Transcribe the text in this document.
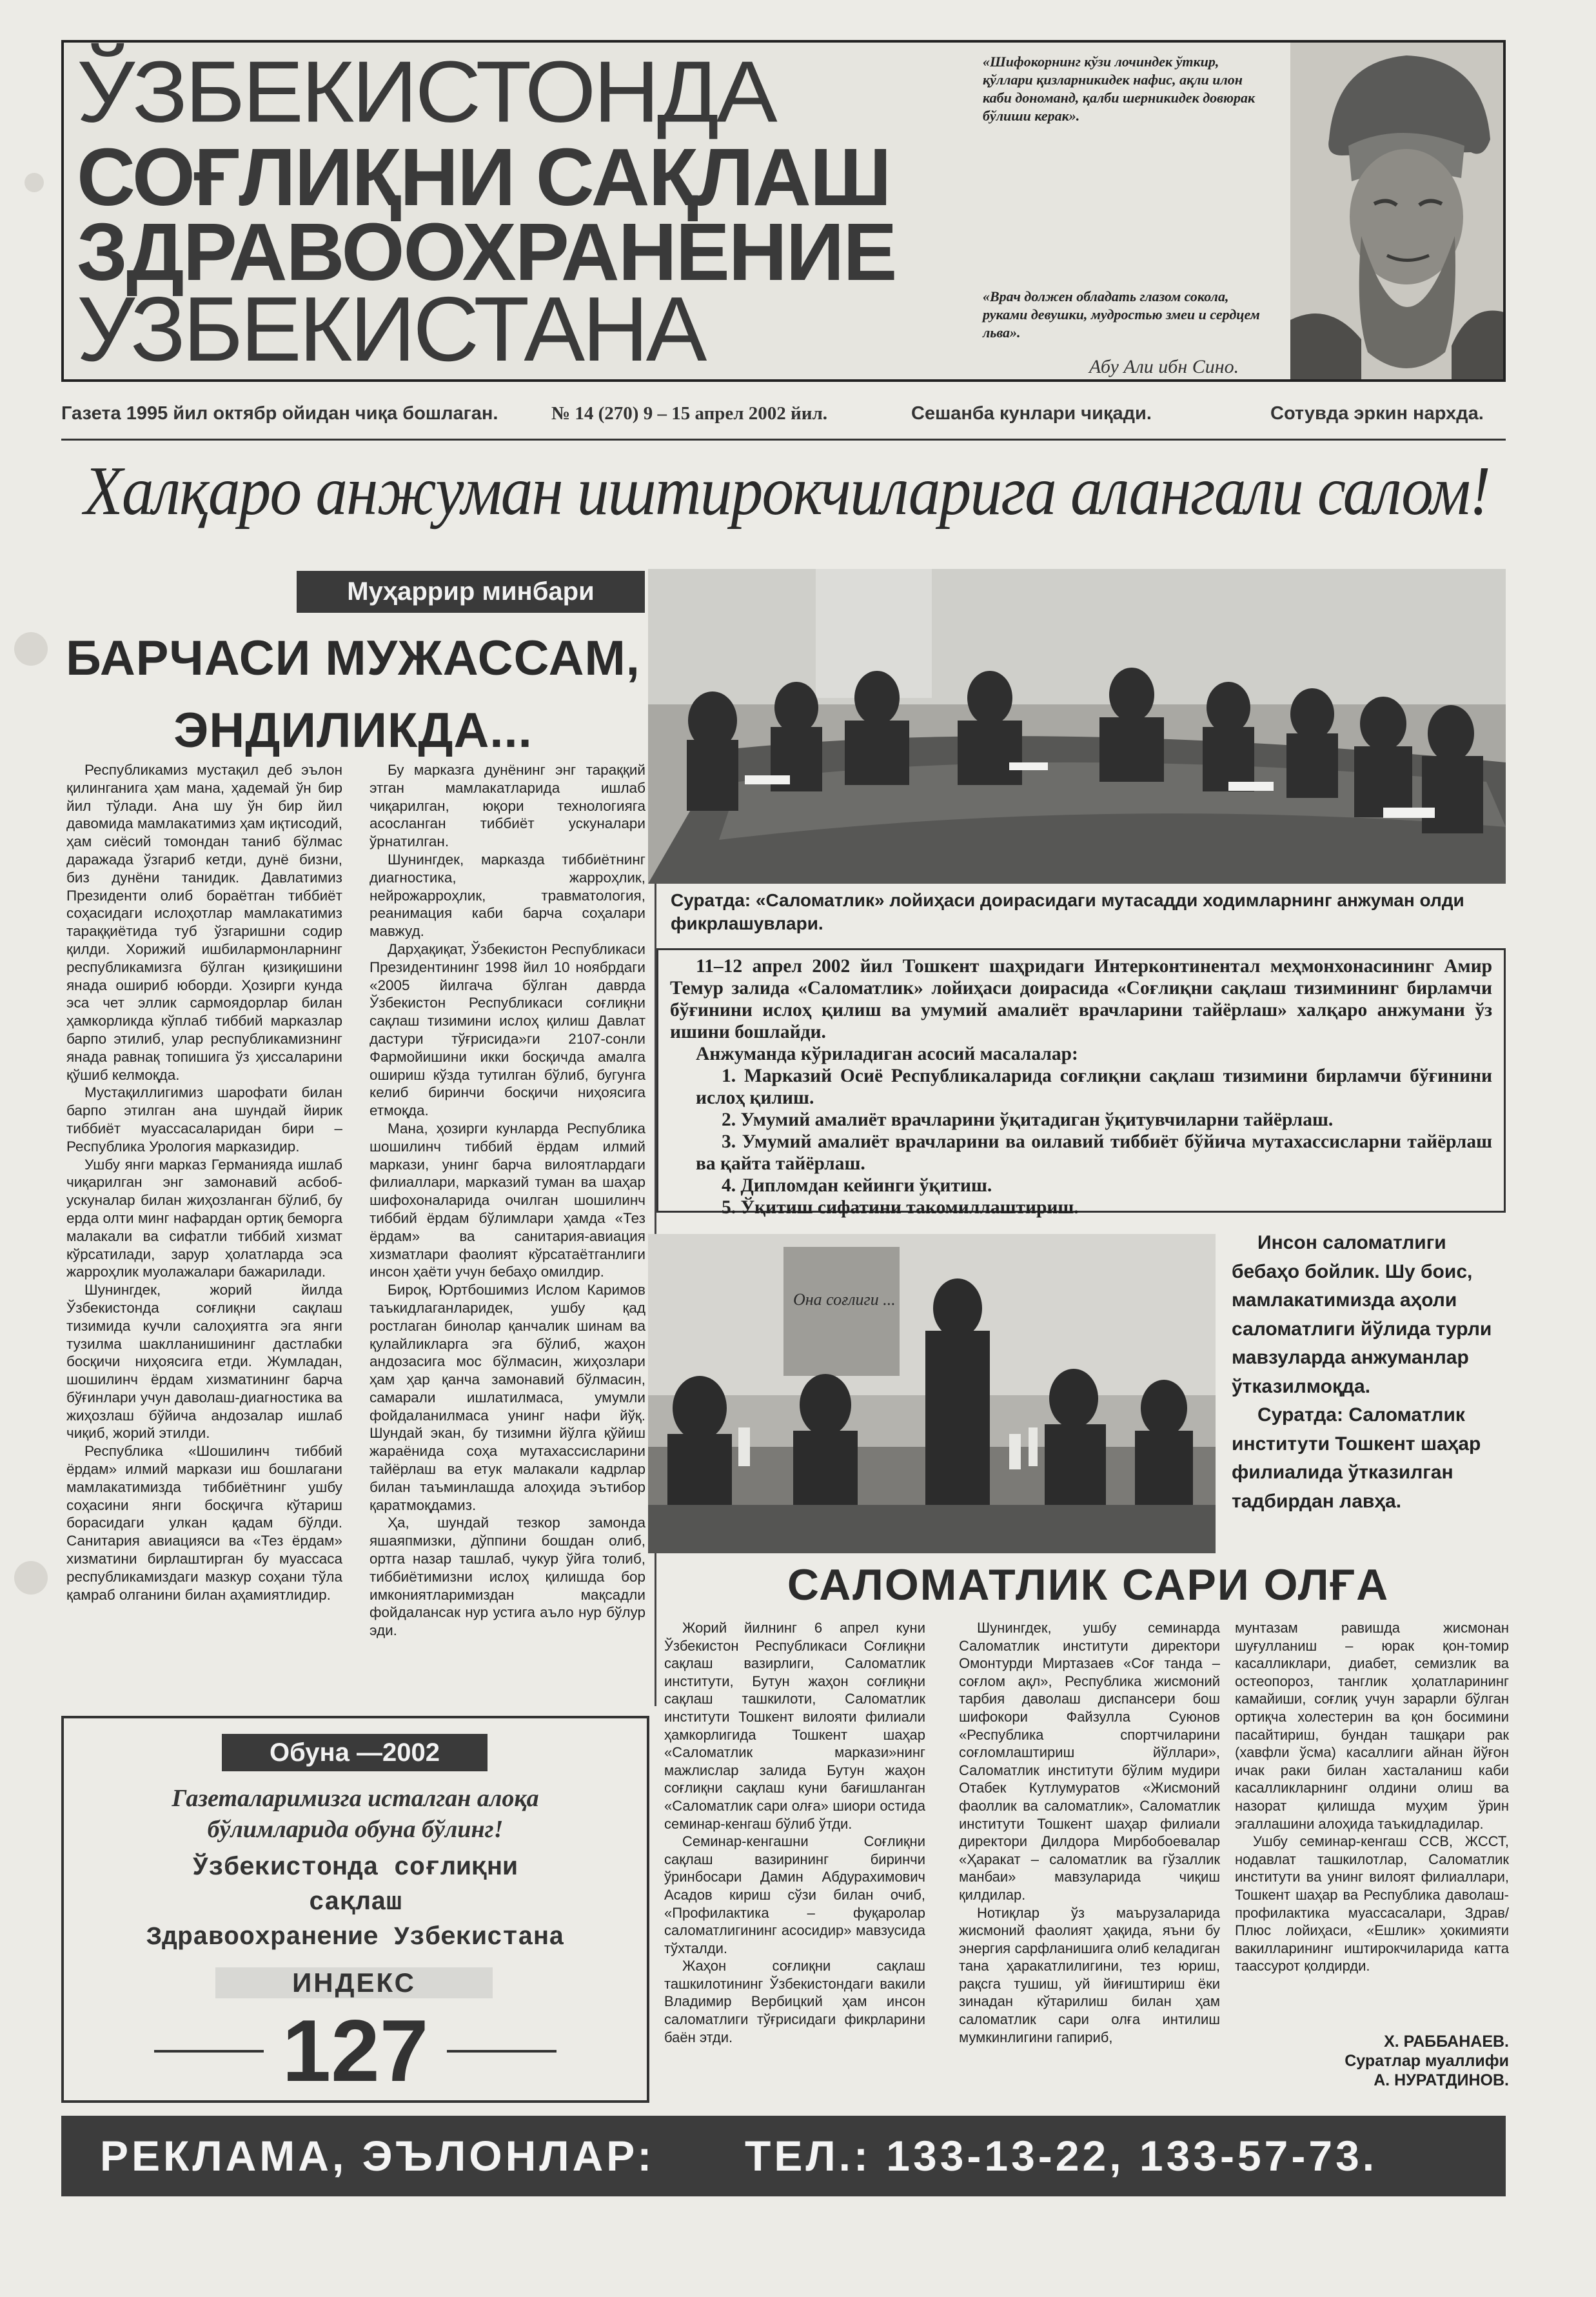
ЎЗБЕКИСТОНДА
СОҒЛИҚНИ САҚЛАШ
ЗДРАВООХРАНЕНИЕ
УЗБЕКИСТАНА
«Шифокорнинг кўзи лочиндек ўткир, қўллари қизларникидек нафис, ақли илон каби дономанд, қалби шерникидек довюрак бўлиши керак».
«Врач должен обладать глазом сокола, руками девушки, мудростью змеи и сердцем льва».
Абу Али ибн Сино.
Газета 1995 йил октябр ойидан чиқа бошлаган.	№ 14 (270) 9 – 15 апрел 2002 йил.	Сешанба кунлари чиқади.	Сотувда эркин нархда.
Халқаро анжуман иштирокчиларига алангали салом!
Муҳаррир минбари
БАРЧАСИ МУЖАССАМ, ЭНДИЛИКДА...

Республикамиз мустақил деб эълон қилинганига ҳам мана, ҳадемай ўн бир йил тўлади. Ана шу ўн бир йил давомида мамлакатимиз ҳам иқтисодий, ҳам сиёсий томондан таниб бўлмас даражада ўзгариб кетди, дунё бизни, биз дунёни танидик. Давлатимиз Президенти олиб бораётган тиббиёт соҳасидаги ислоҳотлар мамлакатимиз тараққиётида туб ўзгаришни содир қилди. Хорижий ишбилармонларнинг республикамизга бўлган қизиқишини янада ошириб юборди. Ҳозирги кунда эса чет эллик сармоядорлар билан ҳамкорликда кўплаб тиббий марказлар барпо этилиб, улар республикамизнинг янада равнақ топишига ўз ҳиссаларини қўшиб келмоқда.

Мустақиллигимиз шарофати билан барпо этилган ана шундай йирик тиббиёт муассасаларидан бири – Республика Урология марказидир.

Ушбу янги марказ Германияда ишлаб чиқарилган энг замонавий асбоб-ускуналар билан жиҳозланган бўлиб, бу ерда олти минг нафардан ортиқ беморга малакали ва сифатли тиббий хизмат кўрсатилади, зарур ҳолатларда эса жарроҳлик муолажалари бажарилади.

Шунингдек, жорий йилда Ўзбекистонда соғлиқни сақлаш тизимида кучли салоҳиятга эга янги тузилма шаклланишининг дастлабки босқичи ниҳоясига етди. Жумладан, шошилинч ёрдам хизматининг барча бўғинлари учун даволаш-диагностика ва жиҳозлаш бўйича андозалар ишлаб чиқиб, жорий этилди.

Республика «Шошилинч тиббий ёрдам» илмий маркази иш бошлагани мамлакатимизда тиббиётнинг ушбу соҳасини янги босқичга кўтариш борасидаги улкан қадам бўлди. Санитария авиацияси ва «Тез ёрдам» хизматини бирлаштирган бу муассаса республикамиздаги мазкур соҳани тўла қамраб олганини билан аҳамиятлидир.

Бу марказга дунёнинг энг тараққий этган мамлакатларида ишлаб чиқарилган, юқори технологияга асосланган тиббиёт ускуналари ўрнатилган.

Шунингдек, марказда тиббиётнинг диагностика, жарроҳлик, нейрожарроҳлик, травматология, реанимация каби барча соҳалари мавжуд.

Дарҳақиқат, Ўзбекистон Республикаси Президентининг 1998 йил 10 ноябрдаги «2005 йилгача бўлган даврда Ўзбекистон Республикаси соғлиқни сақлаш тизимини ислоҳ қилиш Давлат дастури тўғрисида»ги 2107-сонли Фармойишини икки босқичда амалга ошириш кўзда тутилган бўлиб, бугунга келиб биринчи босқичи ниҳоясига етмоқда.

Мана, ҳозирги кунларда Республика шошилинч тиббий ёрдам илмий маркази, унинг барча вилоятлардаги филиаллари, марказий туман ва шаҳар шифохоналарида очилган шошилинч тиббий ёрдам бўлимлари ҳамда «Тез ёрдам» ва санитария-авиация хизматлари фаолият кўрсатаётганлиги инсон ҳаёти учун бебаҳо омилдир.

Бироқ, Юртбошимиз Ислом Каримов таъкидлаганларидек, ушбу қад ростлаган бинолар қанчалик шинам ва қулайликларга эга бўлиб, жаҳон андозасига мос бўлмасин, жиҳозлари ҳам ҳар қанча замонавий бўлмасин, самарали ишлатилмаса, умумли фойдаланилмаса унинг нафи йўқ. Шундай экан, бу тизимни йўлга қўйиш жараёнида соҳа мутахассисларини тайёрлаш ва етук малакали кадрлар билан таъминлашда алоҳида эътибор қаратмоқдамиз.

Ҳа, шундай тезкор замонда яшаяпмизки, дўппини бошдан олиб, ортга назар ташлаб, чукур ўйга толиб, тиббиётимизни ислоҳ қилишда бор имкониятларимиздан мақсадли фойдалансак нур устига аъло нур бўлур эди.

Суратда: «Саломатлик» лойиҳаси доирасидаги мутасадди ходимларнинг анжуман олди фикрлашувлари.

11–12 апрел 2002 йил Тошкент шаҳридаги Интерконтинентал меҳмонхонасининг Амир Темур залида «Саломатлик» лойиҳаси доирасида «Соғлиқни сақлаш тизимининг бирламчи бўғинини ислоҳ қилиш ва умумий амалиёт врачларини тайёрлаш» халқаро анжумани ўз ишини бошлайди.

Анжуманда кўриладиган асосий масалалар:

1. Марказий Осиё Республикаларида соғлиқни сақлаш тизимини бирламчи бўғинини ислоҳ қилиш.

2. Умумий амалиёт врачларини ўқитадиган ўқитувчиларни тайёрлаш.

3. Умумий амалиёт врачларини ва оилавий тиббиёт бўйича мутахассисларни тайёрлаш ва қайта тайёрлаш.

4. Дипломдан кейинги ўқитиш.

5. Ўқитиш сифатини такомиллаштириш.

Она соғлиги ...

Инсон саломатлиги бебаҳо бойлик. Шу боис, мамлакатимизда аҳоли саломатлиги йўлида турли мавзуларда анжуманлар ўтказилмоқда.

Суратда: Саломатлик институти Тошкент шаҳар филиалида ўтказилган тадбирдан лавҳа.

САЛОМАТЛИК САРИ ОЛҒА

Жорий йилнинг 6 апрел куни Ўзбекистон Республикаси Соғлиқни сақлаш вазирлиги, Саломатлик институти, Бутун жаҳон соғлиқни сақлаш ташкилоти, Саломатлик институти Тошкент вилояти филиали ҳамкорлигида Тошкент шаҳар «Саломатлик маркази»нинг мажлислар залида Бутун жаҳон соғлиқни сақлаш куни бағишланган «Саломатлик сари олға» шиори остида семинар-кенгаш бўлиб ўтди.

Семинар-кенгашни Соғлиқни сақлаш вазирининг биринчи ўринбосари Дамин Абдурахимович Асадов кириш сўзи билан очиб, «Профилактика – фуқаролар саломатлигининг асосидир» мавзусида тўхталди.

Жаҳон соғлиқни сақлаш ташкилотининг Ўзбекистондаги вакили Владимир Вербицкий ҳам инсон саломатлиги тўғрисидаги фикрларини баён этди.

Шунингдек, ушбу семинарда Саломатлик институти директори Омонтурди Миртазаев «Соғ танда – соғлом ақл», Республика жисмоний тарбия даволаш диспансери бош шифокори Файзулла Суюнов «Республика спортчиларини соғломлаштириш йўллари», Саломатлик институти бўлим мудири Отабек Кутлумуратов «Жисмоний фаоллик ва саломатлик», Саломатлик институти Тошкент шаҳар филиали директори Дилдора Мирбобоевалар «Ҳаракат – саломатлик ва гўзаллик манбаи» мавзуларида чиқиш қилдилар.

Нотиқлар ўз маърузаларида жисмоний фаолият ҳақида, яъни бу энергия сарфланишига олиб келадиган тана ҳаракатлилигини, тез юриш, рақсга тушиш, уй йиғиштириш ёки зинадан кўтарилиш билан ҳам саломатлик сари олға интилиш мумкинлигини гапириб,

мунтазам равишда жисмонан шуғулланиш – юрак қон-томир касалликлари, диабет, семизлик ва остеопороз, танглик ҳолатларининг камайиши, соғлиқ учун зарарли бўлган ортиқча холестерин ва қон босимини пасайтириш, бундан ташқари рак (хавфли ўсма) касаллиги айнан йўғон ичак раки билан хасталаниш каби касалликларнинг олдини олиш ва назорат қилишда муҳим ўрин эгаллашини алоҳида таъкидладилар.

Ушбу семинар-кенгаш ССВ, ЖССТ, нодавлат ташкилотлар, Саломатлик институти ва унинг вилоят филиаллари, Тошкент шаҳар ва Республика даволаш-профилактика муассасалари, Здрав/Плюс лойиҳаси, «Ешлик» ҳокимияти вакилларининг иштирокчиларида катта таассурот қолдирди.

Х. РАББАНАЕВ.
Суратлар муаллифи
А. НУРАТДИНОВ.
Обуна —2002
Газеталаримизга исталган алоқа
бўлимларида обуна бўлинг!
Ўзбекистонда соғлиқни
сақлаш
Здравоохранение Узбекистана
ИНДЕКС
127
РЕКЛАМА, ЭЪЛОНЛАР: ТЕЛ.: 133-13-22, 133-57-73.
